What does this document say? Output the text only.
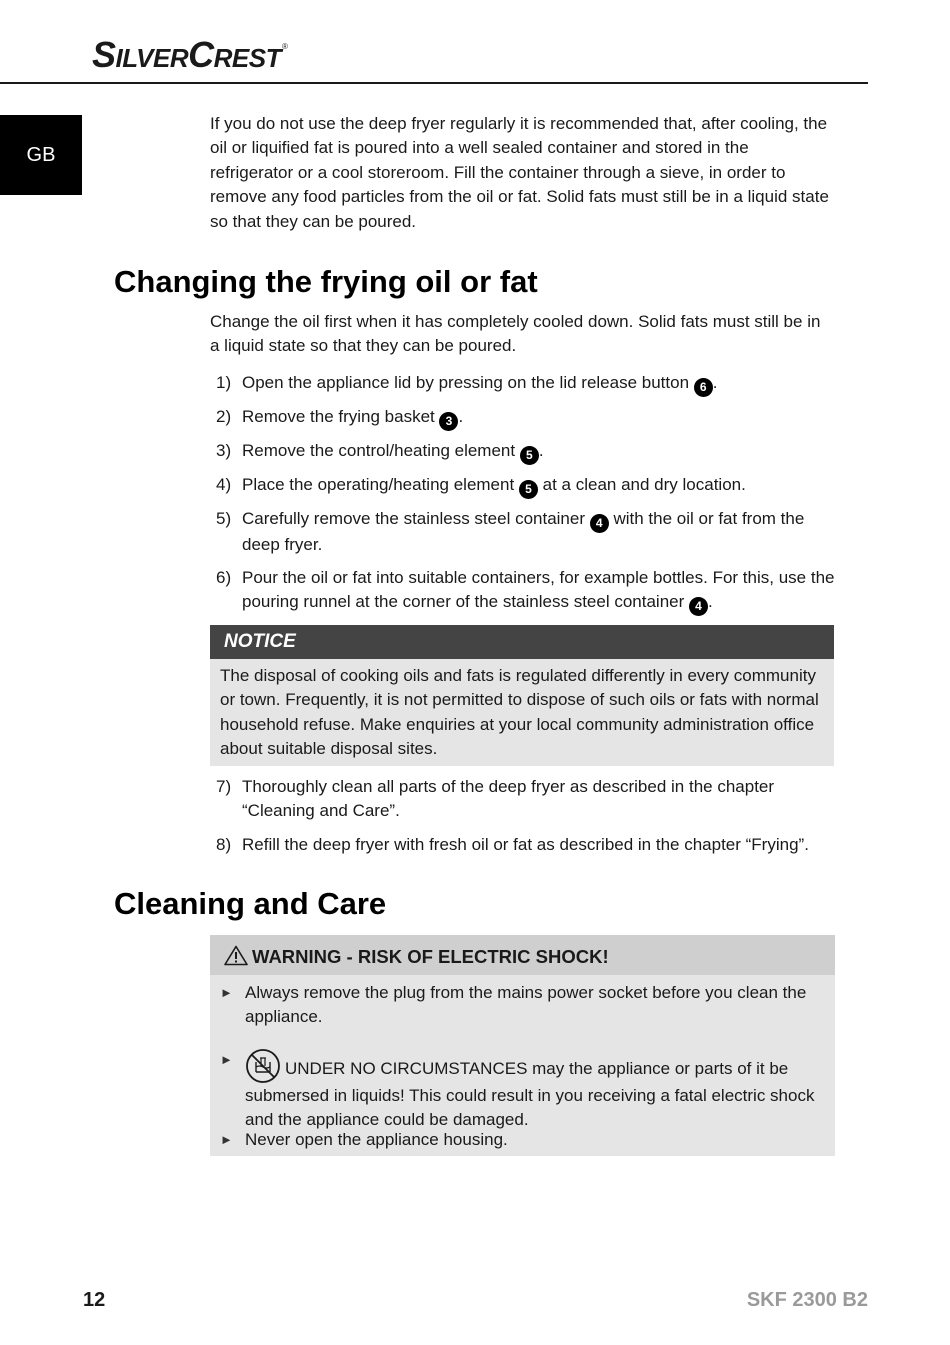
SILVERCREST®
GB
If you do not use the deep fryer regularly it is recommended that, after cooling, the oil or liquified fat is poured into a well sealed container and stored in the refrigerator or a cool storeroom. Fill the container through a sieve, in order to remove any food particles from the oil or fat. Solid fats must still be in a liquid state so that they can be poured.
Changing the frying oil or fat
Change the oil first when it has completely cooled down. Solid fats must still be in a liquid state so that they can be poured.
1) Open the appliance lid by pressing on the lid release button 6 .
2) Remove the frying basket 3 .
3) Remove the control/heating element 5 .
4) Place the operating/heating element 5 at a clean and dry location.
5) Carefully remove the stainless steel container 4 with the oil or fat from the deep fryer.
6) Pour the oil or fat into suitable containers, for example bottles. For this, use the pouring runnel at the corner of the stainless steel container 4 .
NOTICE
The disposal of cooking oils and fats is regulated differently in every community or town. Frequently, it is not permitted to dispose of such oils or fats with normal household refuse. Make enquiries at your local community administration office about suitable disposal sites.
7) Thoroughly clean all parts of the deep fryer as described in the chapter “Cleaning and Care”.
8) Refill the deep fryer with fresh oil or fat as described in the chapter “Frying”.
Cleaning and Care
WARNING - RISK OF ELECTRIC SHOCK!
► Always remove the plug from the mains power socket before you clean the appliance.
►	UNDER NO CIRCUMSTANCES may the appliance or parts of it be submersed in liquids! This could result in you receiving a fatal electric shock and the appliance could be damaged.
► Never open the appliance housing.
12	SKF 2300 B2
